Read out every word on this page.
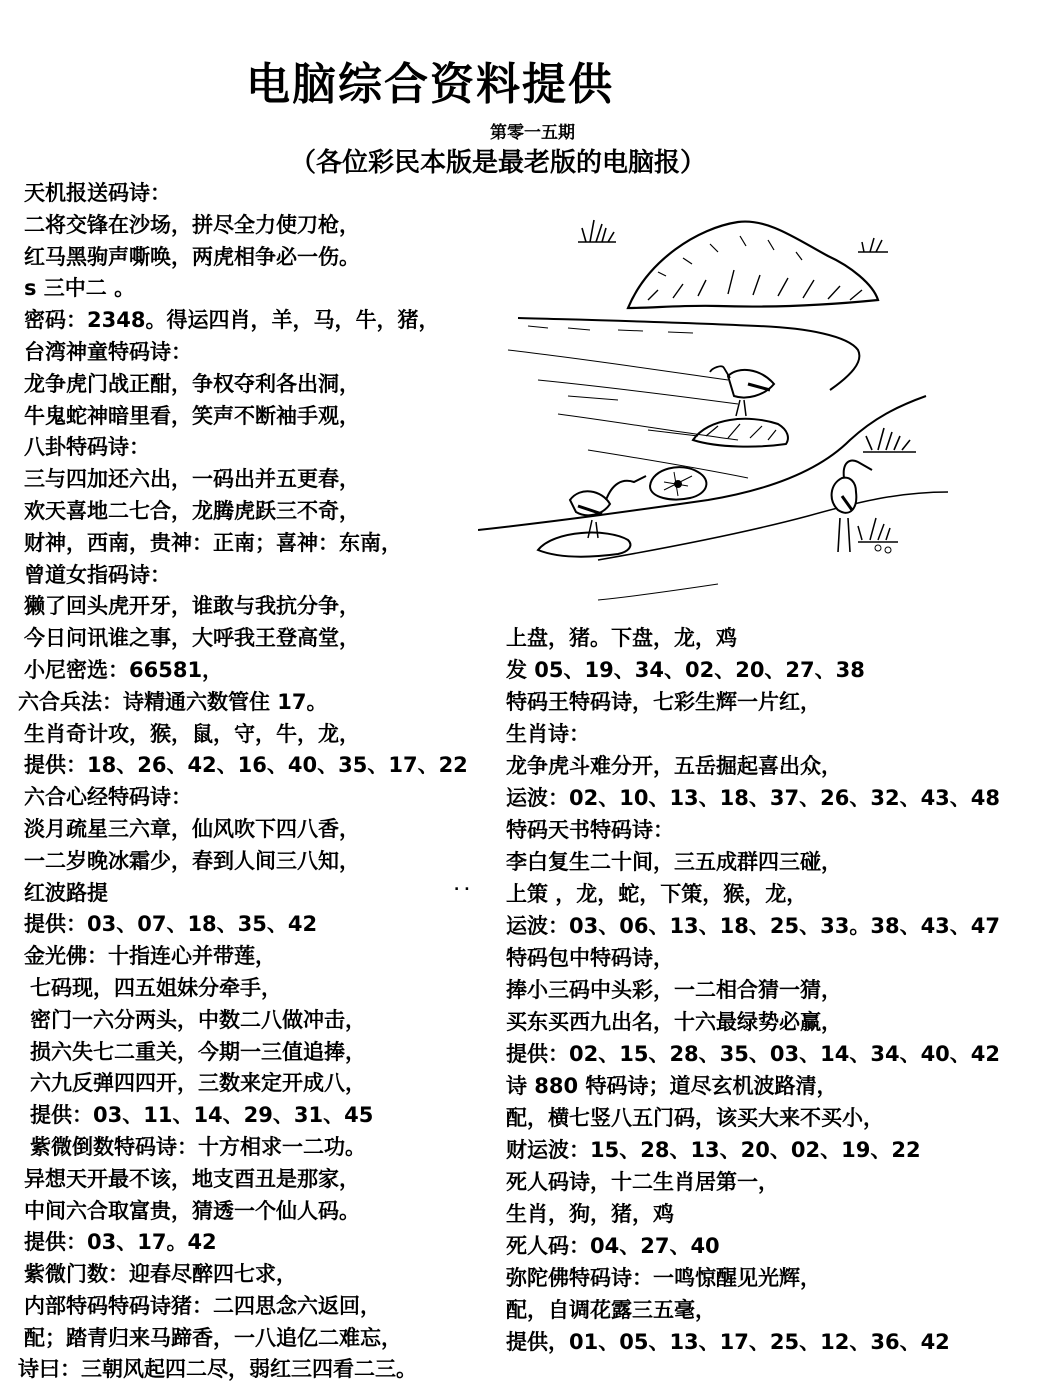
电脑综合资料提供
第零一五期
（各位彩民本版是最老版的电脑报）
天机报送码诗：
二将交锋在沙场，拼尽全力使刀枪，
红马黑驹声嘶唤，两虎相争必一伤。
s 三中二 。
密码：2348。得运四肖，羊，马，牛，猪，
台湾神童特码诗：
龙争虎门战正酣，争权夺利各出洞，
牛鬼蛇神暗里看，笑声不断袖手观，
八卦特码诗：
三与四加还六出，一码出并五更春，
欢天喜地二七合，龙腾虎跃三不奇，
财神，西南，贵神：正南；喜神：东南，
曾道女指码诗：
獭了回头虎开牙，谁敢与我抗分争，
今日问讯谁之事，大呼我王登高堂，
小尼密选：66581，
六合兵法：诗精通六数管住 17。
生肖奇计攻，猴，鼠，守，牛，龙，
提供：18、26、42、16、40、35、17、22
六合心经特码诗：
淡月疏星三六章，仙风吹下四八香，
一二岁晚冰霜少，春到人间三八知，
红波路提
提供：03、07、18、35、42
金光佛：十指连心并带莲，
七码现，四五姐妹分牵手，
密门一六分两头，中数二八做冲击，
损六失七二重关，今期一三值追捧，
六九反弹四四开，三数来定开成八，
提供：03、11、14、29、31、45
紫微倒数特码诗：十方相求一二功。
异想天开最不该，地支酉丑是那家，
中间六合取富贵，猜透一个仙人码。
提供：03、17。42
紫微门数：迎春尽醉四七求，
内部特码特码诗猪：二四思念六返回，
配；踏青归来马蹄香，一八追亿二难忘，
诗曰：三朝风起四二尽，弱红三四看二三。
上盘，猪。下盘，龙，鸡
发 05、19、34、02、20、27、38
特码王特码诗，七彩生辉一片红，
生肖诗：
龙争虎斗难分开，五岳掘起喜出众，
运波：02、10、13、18、37、26、32、43、48
特码天书特码诗：
李白复生二十间，三五成群四三碰，
上策 ，龙，蛇，下策，猴，龙，
运波：03、06、13、18、25、33。38、43、47
特码包中特码诗，
捧小三码中头彩，一二相合猜一猜，
买东买西九出名，十六最绿势必赢，
提供：02、15、28、35、03、14、34、40、42
诗 880 特码诗；道尽玄机波路清，
配，横七竖八五门码，该买大来不买小，
财运波：15、28、13、20、02、19、22
死人码诗，十二生肖居第一，
生肖，狗，猪，鸡
死人码：04、27、40
弥陀佛特码诗：一鸣惊醒见光辉，
配，自调花露三五毫，
提供，01、05、13、17、25、12、36、42
. .
